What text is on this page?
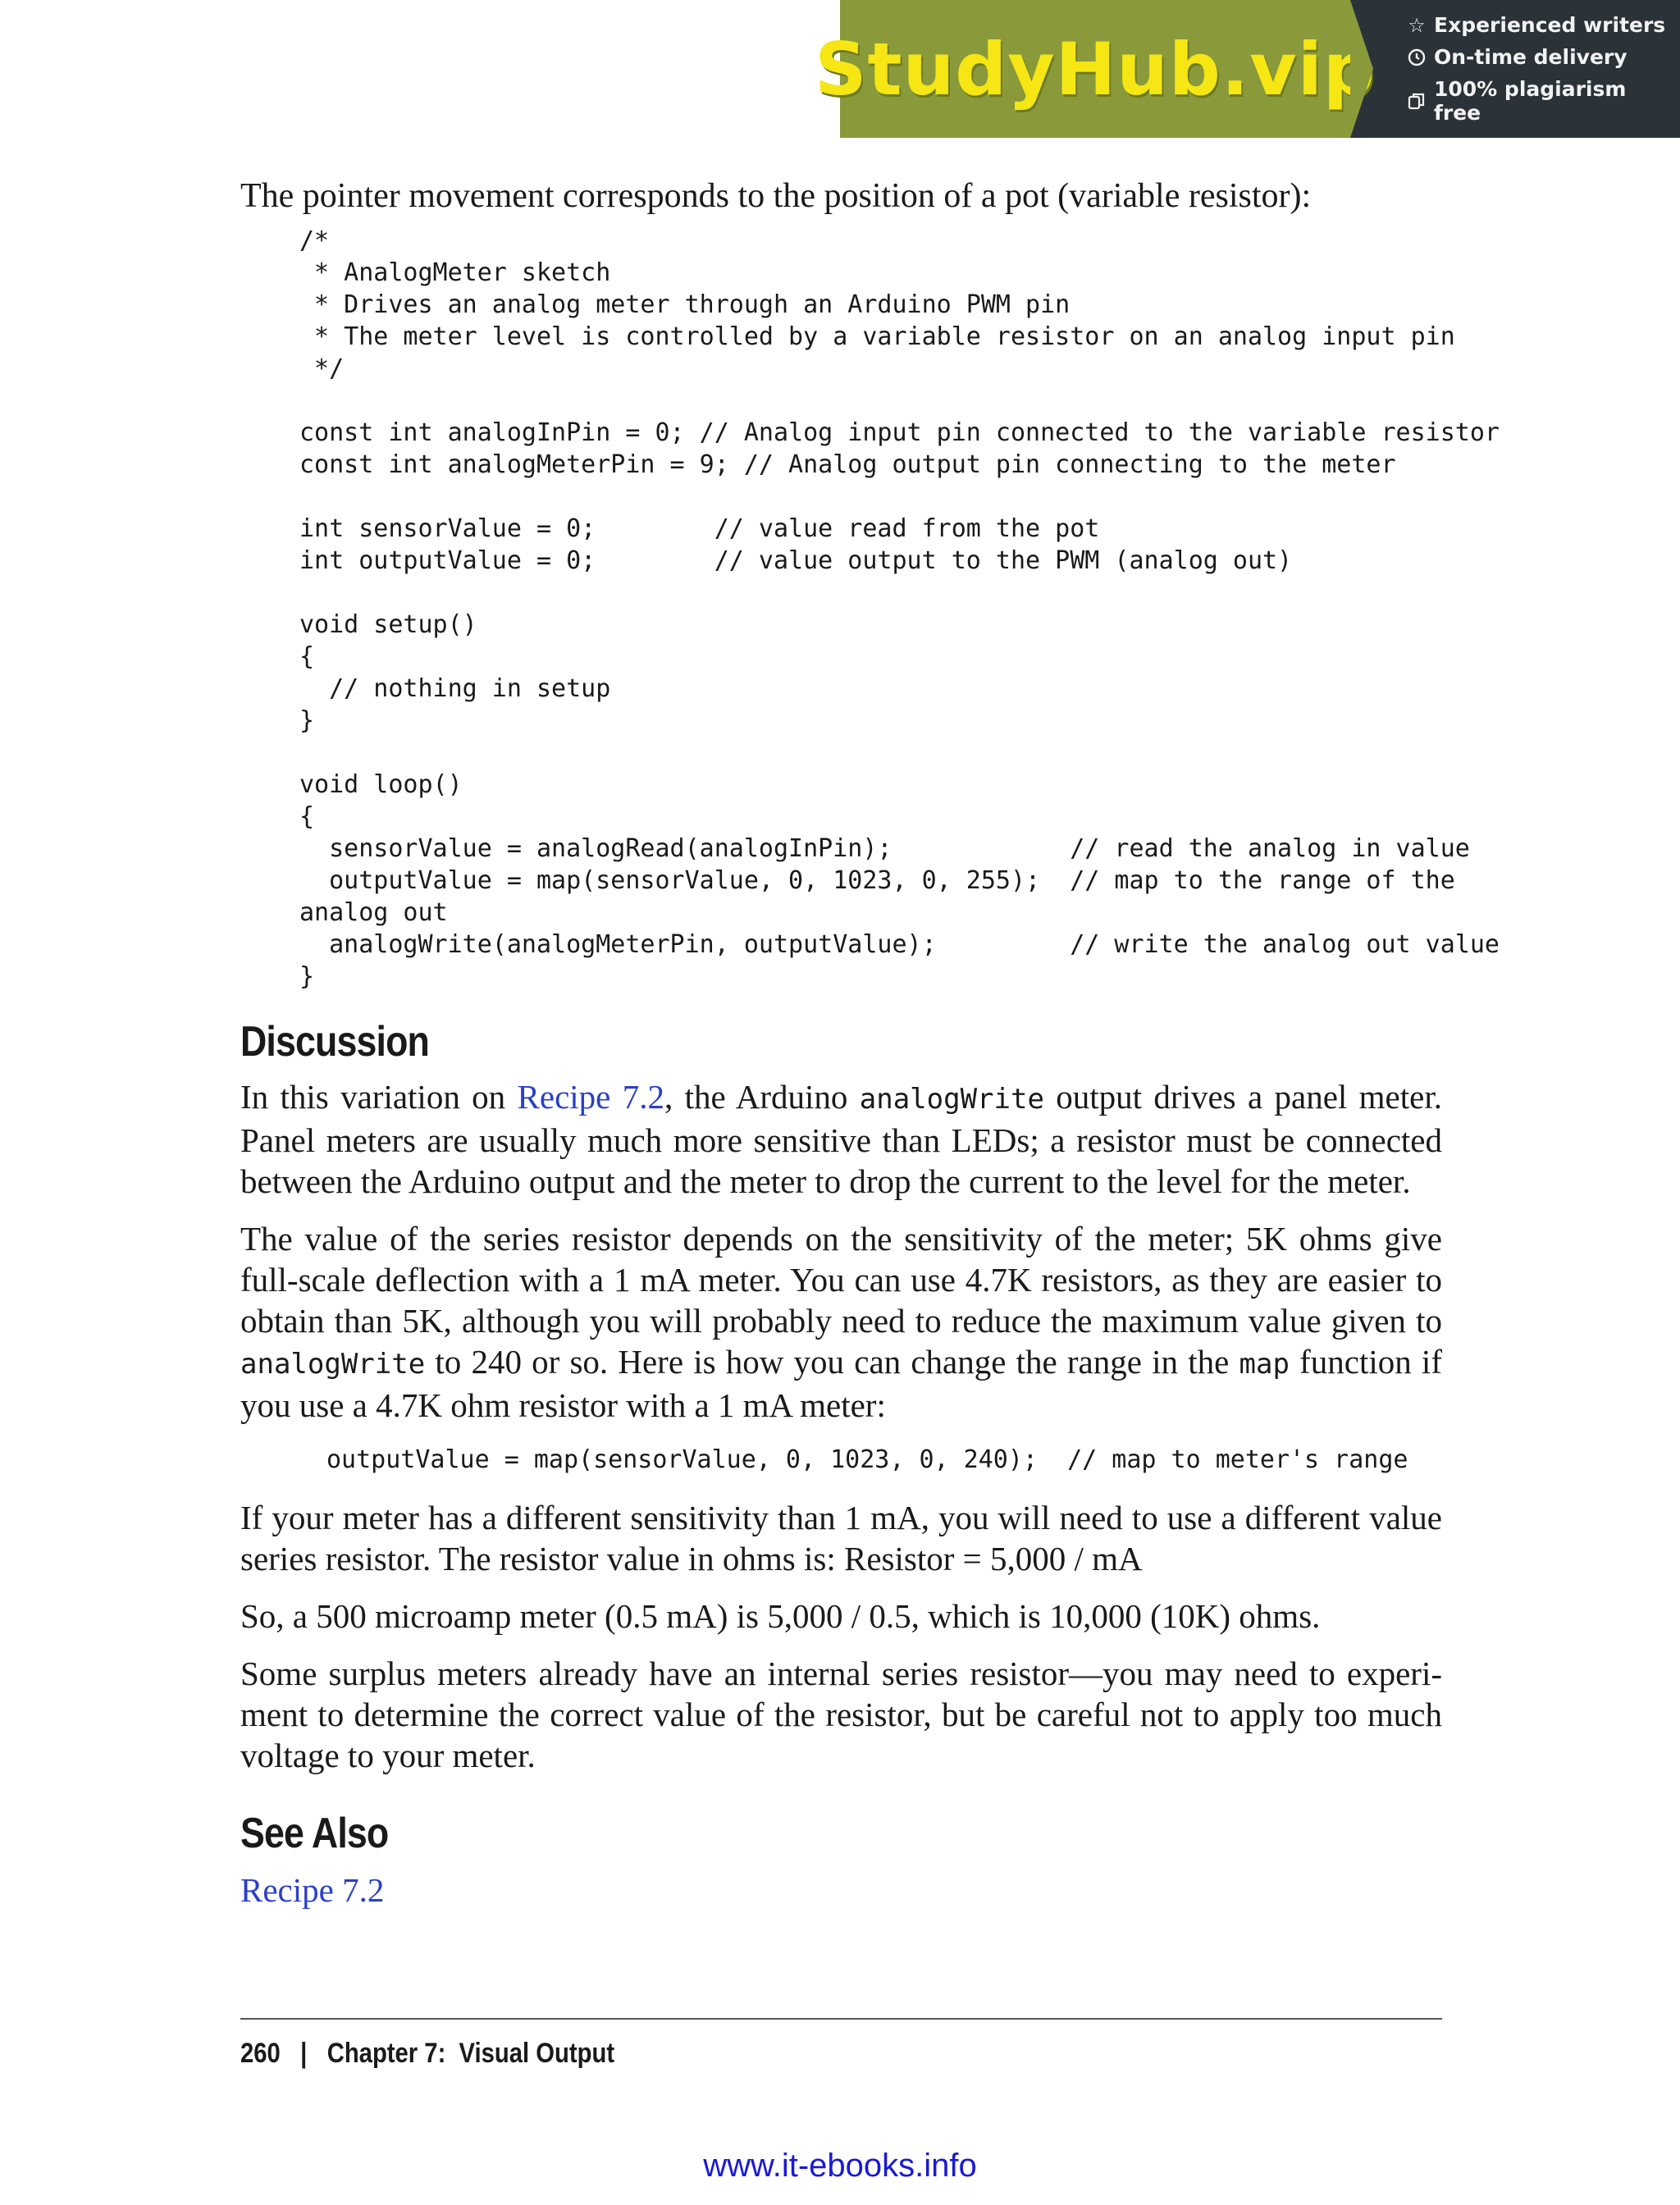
StudyHub.vip
☆ Experienced writers
On-time delivery
100% plagiarism free

The pointer movement corresponds to the position of a pot (variable resistor):

/*
* AnalogMeter sketch
* Drives an analog meter through an Arduino PWM pin
* The meter level is controlled by a variable resistor on an analog input pin
*/

const int analogInPin = 0; // Analog input pin connected to the variable resistor
const int analogMeterPin = 9; // Analog output pin connecting to the meter

int sensorValue = 0;        // value read from the pot
int outputValue = 0;        // value output to the PWM (analog out)

void setup()
{
// nothing in setup
}

void loop()
{
sensorValue = analogRead(analogInPin);            // read the analog in value
outputValue = map(sensorValue, 0, 1023, 0, 255);  // map to the range of the
analog out
analogWrite(analogMeterPin, outputValue);         // write the analog out value
}
Discussion

In this variation on Recipe 7.2, the Arduino analogWrite output drives a panel meter. Panel meters are usually much more sensitive than LEDs; a resistor must be connected between the Arduino output and the meter to drop the current to the level for the meter.

The value of the series resistor depends on the sensitivity of the meter; 5K ohms give full-scale deflection with a 1 mA meter. You can use 4.7K resistors, as they are easier to obtain than 5K, although you will probably need to reduce the maximum value given to analogWrite to 240 or so. Here is how you can change the range in the map function if you use a 4.7K ohm resistor with a 1 mA meter:

outputValue = map(sensorValue, 0, 1023, 0, 240);  // map to meter's range

If your meter has a different sensitivity than 1 mA, you will need to use a different value series resistor. The resistor value in ohms is: Resistor = 5,000 / mA

So, a 500 microamp meter (0.5 mA) is 5,000 / 0.5, which is 10,000 (10K) ohms.

Some surplus meters already have an internal series resistor—you may need to experi- ment to determine the correct value of the resistor, but be careful not to apply too much voltage to your meter.

See Also

Recipe 7.2

260   |   Chapter 7:  Visual Output
www.it-ebooks.info
